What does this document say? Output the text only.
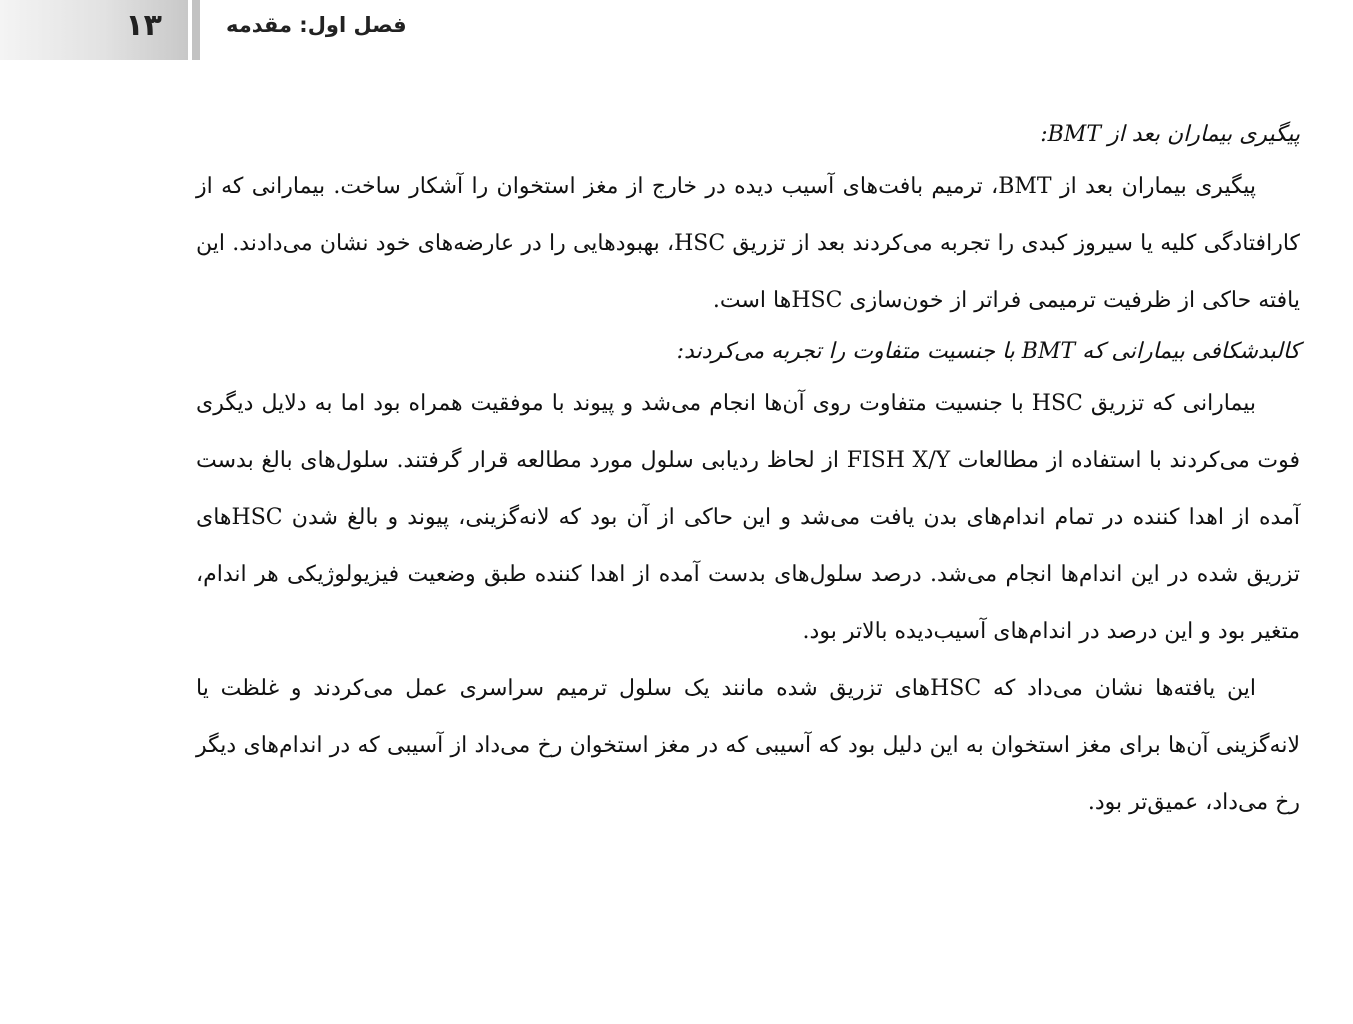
۱۳	فصل اول: مقدمه

پیگیری بیماران بعد از BMT:

پیگیری بیماران بعد از BMT، ترمیم بافت‌های آسیب دیده در خارج از مغز استخوان را آشکار ساخت. بیمارانی که از کارافتادگی کلیه یا سیروز کبدی را تجربه می‌کردند بعد از تزریق HSC، بهبودهایی را در عارضه‌های خود نشان می‌دادند. این یافته حاکی از ظرفیت ترمیمی فراتر از خون‌سازی HSCها است.

کالبدشکافی بیمارانی که BMT با جنسیت متفاوت را تجربه می‌کردند:

بیمارانی که تزریق HSC با جنسیت متفاوت روی آن‌ها انجام می‌شد و پیوند با موفقیت همراه بود اما به دلایل دیگری فوت می‌کردند با استفاده از مطالعات FISH X/Y از لحاظ ردیابی سلول مورد مطالعه قرار گرفتند. سلول‌های بالغ بدست آمده از اهدا کننده در تمام اندام‌های بدن یافت می‌شد و این حاکی از آن بود که لانه‌گزینی، پیوند و بالغ شدن HSCهای تزریق شده در این اندام‌ها انجام می‌شد. درصد سلول‌های بدست آمده از اهدا کننده طبق وضعیت فیزیولوژیکی هر اندام، متغیر بود و این درصد در اندام‌های آسیب‌دیده بالاتر بود.

این یافته‌ها نشان می‌داد که HSCهای تزریق شده مانند یک سلول ترمیم سراسری عمل می‌کردند و غلظت یا لانه‌گزینی آن‌ها برای مغز استخوان به این دلیل بود که آسیبی که در مغز استخوان رخ می‌داد از آسیبی که در اندام‌های دیگر رخ می‌داد، عمیق‌تر بود.
